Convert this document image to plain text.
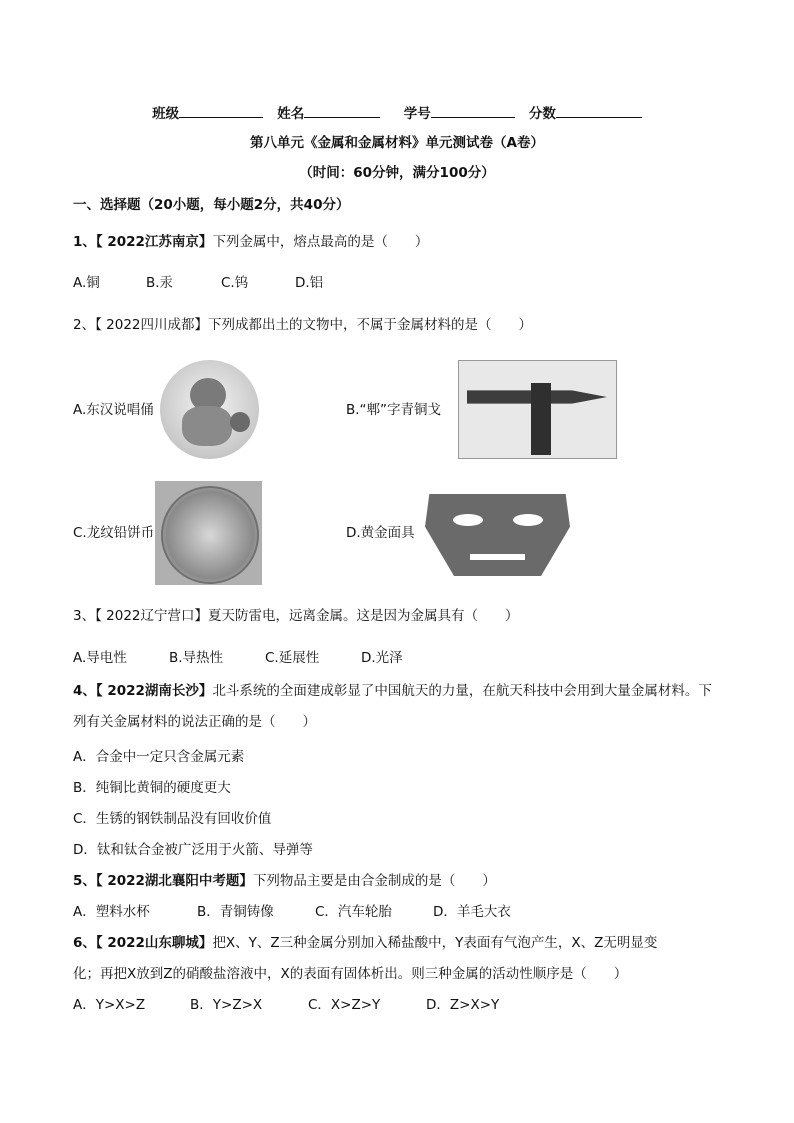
班级	姓名	学号	分数
第八单元《金属和金属材料》单元测试卷（A卷）
（时间：60分钟，满分100分）
一、选择题（20小题，每小题2分，共40分）
1、【 2022江苏南京】下列金属中，熔点最高的是（　　）
A.铜	B.汞	C.钨	D.铝
2、【 2022四川成都】下列成都出土的文物中，不属于金属材料的是（　　）
A.东汉说唱俑	B.“郫”字青铜戈
C.龙纹铅饼币	D.黄金面具
3、【 2022辽宁营口】夏天防雷电，远离金属。这是因为金属具有（　　）
A.导电性	B.导热性	C.延展性	D.光泽
4、【 2022湖南长沙】北斗系统的全面建成彰显了中国航天的力量，在航天科技中会用到大量金属材料。下
列有关金属材料的说法正确的是（　　）
A．合金中一定只含金属元素
B．纯铜比黄铜的硬度更大
C．生锈的钢铁制品没有回收价值
D．钛和钛合金被广泛用于火箭、导弹等
5、【 2022湖北襄阳中考题】下列物品主要是由合金制成的是（　　）
A．塑料水杯	B．青铜铸像	C．汽车轮胎	D．羊毛大衣
6、【 2022山东聊城】把X、Y、Z三种金属分别加入稀盐酸中，Y表面有气泡产生，X、Z无明显变
化；再把X放到Z的硝酸盐溶液中，X的表面有固体析出。则三种金属的活动性顺序是（　　）
A．Y>X>Z	B．Y>Z>X	C．X>Z>Y	D．Z>X>Y
